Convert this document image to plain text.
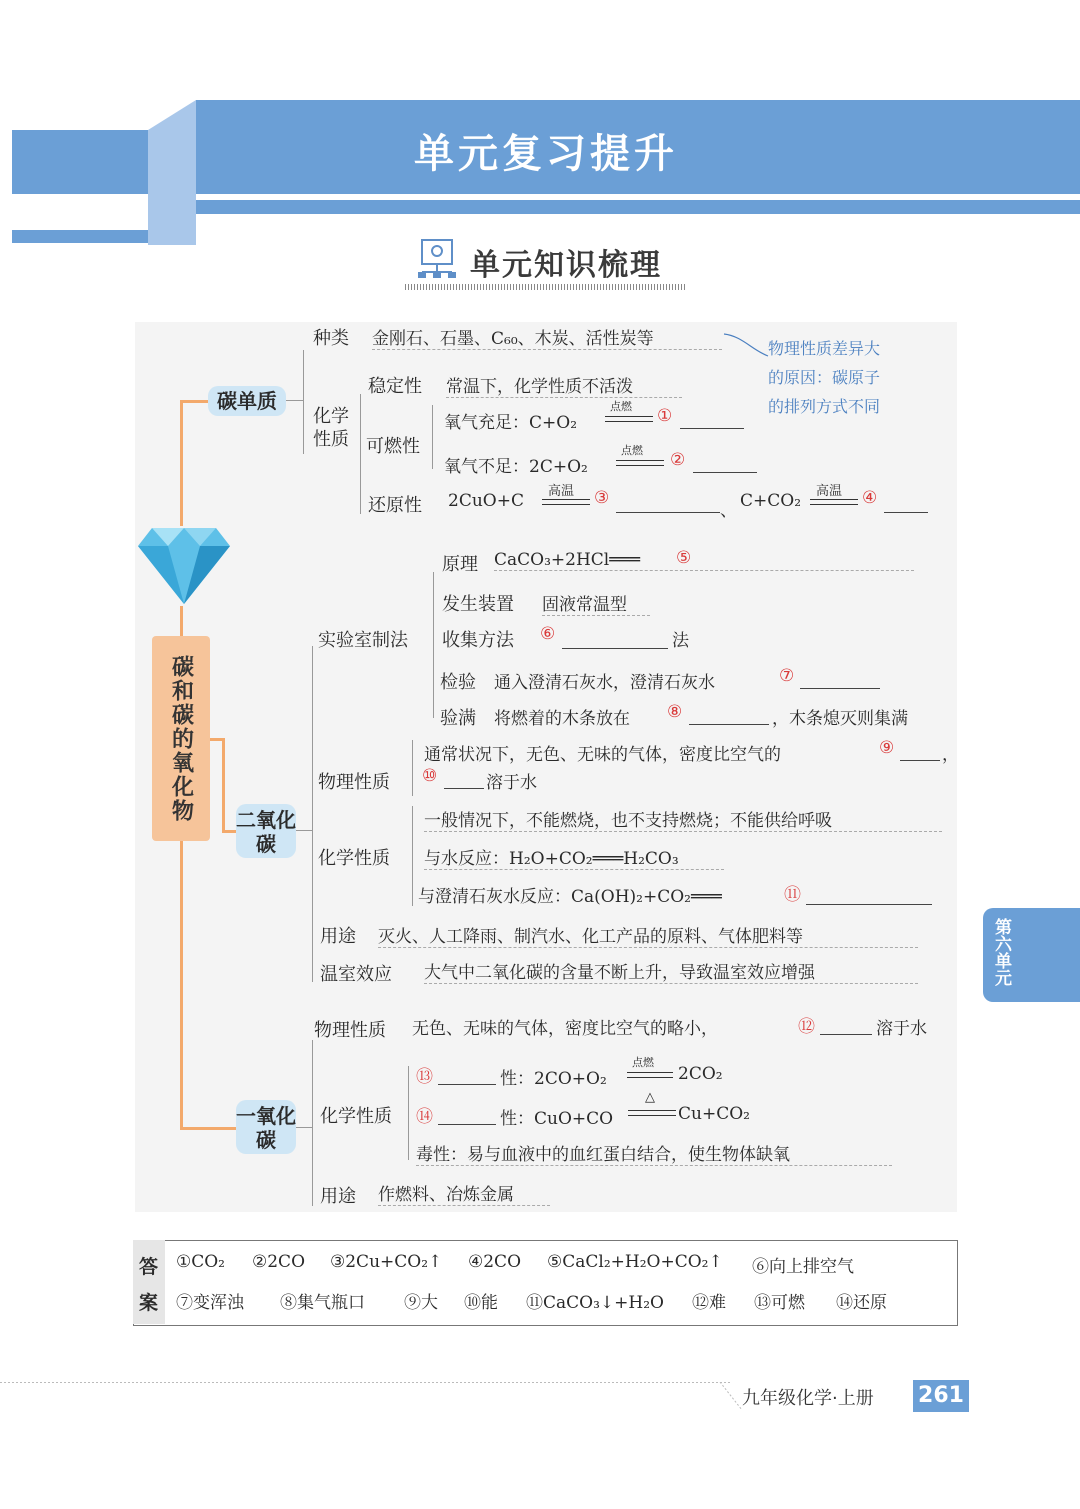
单元复习提升
单元知识梳理
碳和碳的氧化物
碳单质
二氧化碳
一氧化碳
种类 金刚石、石墨、C₆₀、木炭、活性炭等	物理性质差异大
的原因：碳原子
的排列方式不同
化学性质
稳定性 常温下，化学性质不活泼
可燃性
氧气充足：C+O₂
点燃 ①
氧气不足：2C+O₂
点燃 ②
还原性 2CuO+C 高温 ③
、 C+CO₂ 高温 ④
实验室制法
原理 CaCO₃+2HCl═══	⑤
发生装置 固液常温型
收集方法 ⑥	法
检验 通入澄清石灰水，澄清石灰水	⑦
验满 将燃着的木条放在 ⑧	，木条熄灭则集满
物理性质
通常状况下，无色、无味的气体，密度比空气的	⑨	，
⑩	溶于水
化学性质
一般情况下，不能燃烧，也不支持燃烧；不能供给呼吸
与水反应：H₂O+CO₂═══H₂CO₃
与澄清石灰水反应：Ca(OH)₂+CO₂═══	⑪
用途 灭火、人工降雨、制汽水、化工产品的原料、气体肥料等
温室效应 大气中二氧化碳的含量不断上升，导致温室效应增强
物理性质 无色、无味的气体，密度比空气的略小，	⑫	溶于水
化学性质
⑬	性：2CO+O₂
点燃
2CO₂
⑭	性：CuO+CO
△
Cu+CO₂
毒性：易与血液中的血红蛋白结合，使生物体缺氧
用途 作燃料、冶炼金属
答
案
①CO₂ ②2CO ③2Cu+CO₂↑ ④2CO ⑤CaCl₂+H₂O+CO₂↑ ⑥向上排空气
⑦变浑浊 ⑧集气瓶口 ⑨大 ⑩能 ⑪CaCO₃↓+H₂O ⑫难 ⑬可燃 ⑭还原
第六单元
九年级化学·上册 261
